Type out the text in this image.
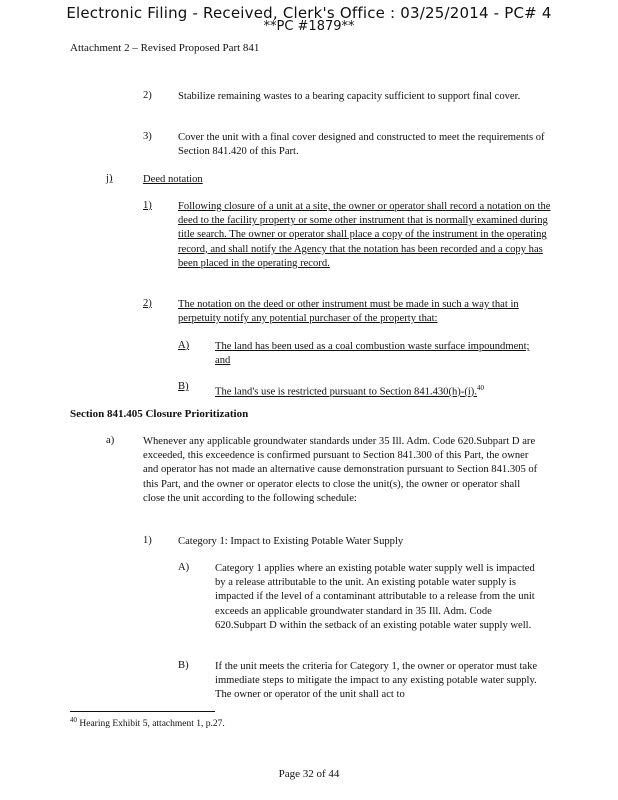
Electronic Filing - Received, Clerk's Office : 03/25/2014 - PC# 4
**PC #1879**
Attachment 2 – Revised Proposed Part 841
2) Stabilize remaining wastes to a bearing capacity sufficient to support final cover.
3) Cover the unit with a final cover designed and constructed to meet the requirements of Section 841.420 of this Part.
j)	Deed notation
1) Following closure of a unit at a site, the owner or operator shall record a notation on the deed to the facility property or some other instrument that is normally examined during title search. The owner or operator shall place a copy of the instrument in the operating record, and shall notify the Agency that the notation has been recorded and a copy has been placed in the operating record.
2) The notation on the deed or other instrument must be made in such a way that in perpetuity notify any potential purchaser of the property that:
A) The land has been used as a coal combustion waste surface impoundment; and
B)
The land's use is restricted pursuant to Section 841.430(h)-(i).$^{40}$
Section 841.405 Closure Prioritization
a)	Whenever any applicable groundwater standards under 35 Ill. Adm. Code 620.Subpart D are exceeded, this exceedence is confirmed pursuant to Section 841.300 of this Part, the owner and operator has not made an alternative cause demonstration pursuant to Section 841.305 of this Part, and the owner or operator elects to close the unit(s), the owner or operator shall close the unit according to the following schedule:
1) Category 1: Impact to Existing Potable Water Supply
A) Category 1 applies where an existing potable water supply well is impacted by a release attributable to the unit. An existing potable water supply is impacted if the level of a contaminant attributable to a release from the unit exceeds an applicable groundwater standard in 35 Ill. Adm. Code 620.Subpart D within the setback of an existing potable water supply well.
B) If the unit meets the criteria for Category 1, the owner or operator must take immediate steps to mitigate the impact to any existing potable water supply. The owner or operator of the unit shall act to
$^{40}$ Hearing Exhibit 5, attachment 1, p.27.
Page 32 of 44
